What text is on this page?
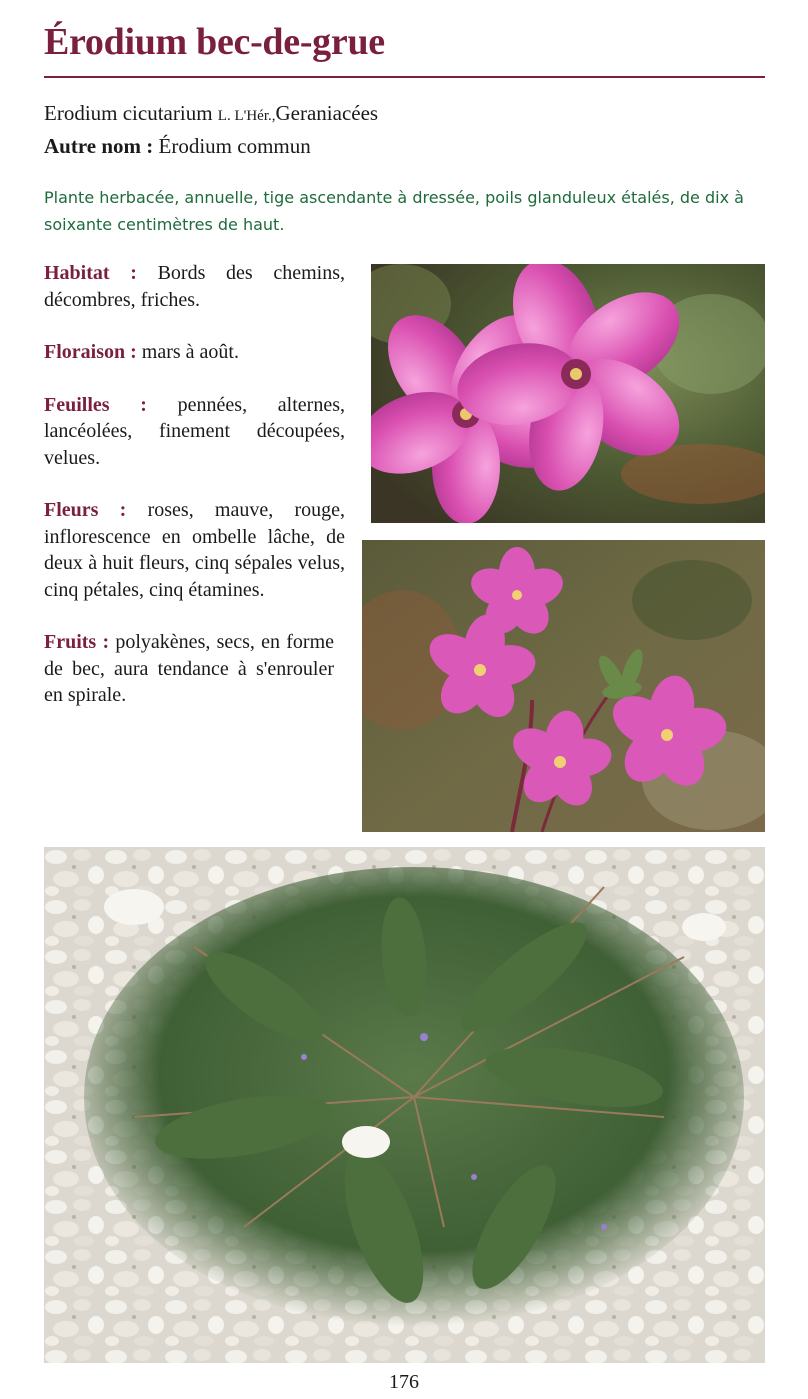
Érodium bec-de-grue
Erodium cicutarium L. L'Hér.,Geraniacées
Autre nom : Érodium commun
Plante herbacée, annuelle, tige ascendante à dressée, poils glanduleux étalés, de dix à soixante centimètres de haut.

Habitat : Bords des chemins, décombres, friches.

Floraison : mars à août.

Feuilles : pennées, alternes, lancéolées, finement découpées, velues.

Fleurs : roses, mauve, rouge, inflorescence en ombelle lâche, de deux à huit fleurs, cinq sépales velus, cinq pétales, cinq étamines.

Fruits : polyakènes, secs, en forme de bec, aura tendance à s'enrouler en spirale.

176
